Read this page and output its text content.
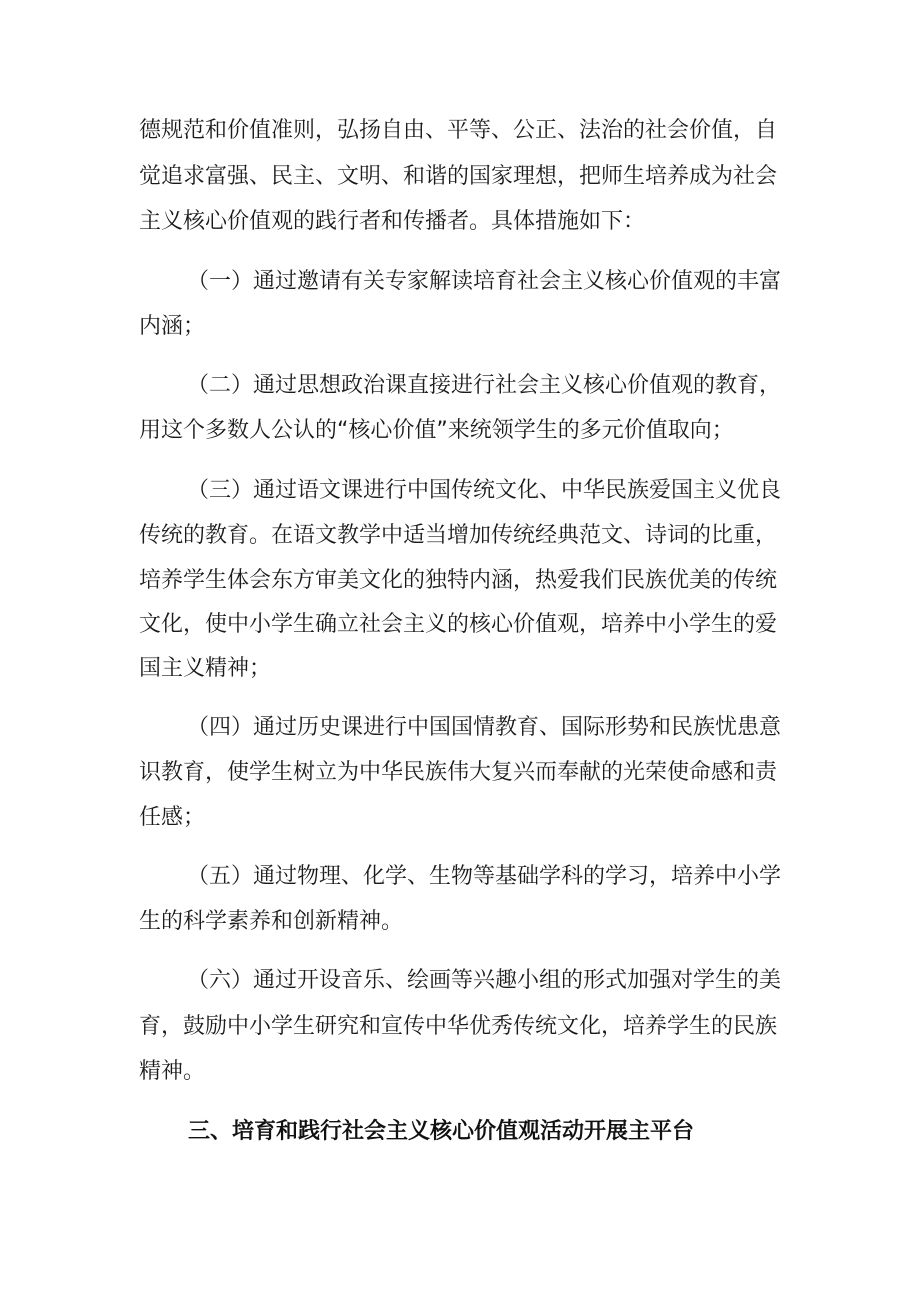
德规范和价值准则，弘扬自由、平等、公正、法治的社会价值，自
觉追求富强、民主、文明、和谐的国家理想，把师生培养成为社会
主义核心价值观的践行者和传播者。具体措施如下：
（一）通过邀请有关专家解读培育社会主义核心价值观的丰富
内涵；
（二）通过思想政治课直接进行社会主义核心价值观的教育，
用这个多数人公认的“核心价值”来统领学生的多元价值取向；
（三）通过语文课进行中国传统文化、中华民族爱国主义优良
传统的教育。在语文教学中适当增加传统经典范文、诗词的比重，
培养学生体会东方审美文化的独特内涵，热爱我们民族优美的传统
文化，使中小学生确立社会主义的核心价值观，培养中小学生的爱
国主义精神；
（四）通过历史课进行中国国情教育、国际形势和民族忧患意
识教育，使学生树立为中华民族伟大复兴而奉献的光荣使命感和责
任感；
（五）通过物理、化学、生物等基础学科的学习，培养中小学
生的科学素养和创新精神。
（六）通过开设音乐、绘画等兴趣小组的形式加强对学生的美
育，鼓励中小学生研究和宣传中华优秀传统文化，培养学生的民族
精神。
三、培育和践行社会主义核心价值观活动开展主平台
